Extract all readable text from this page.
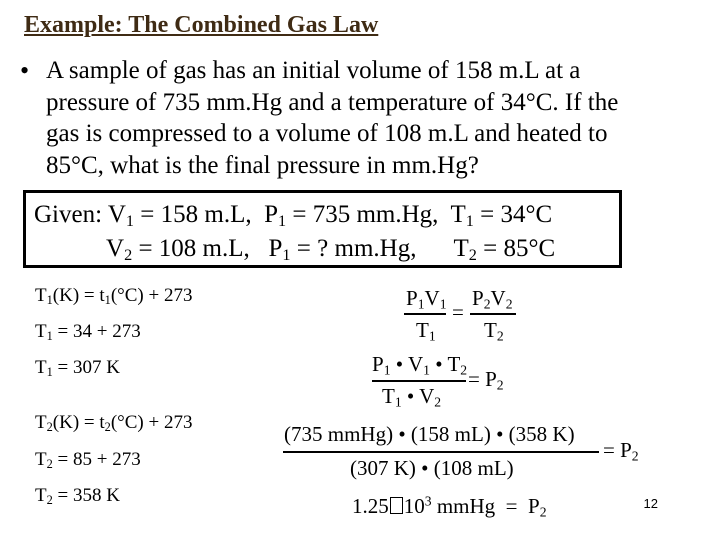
Example: The Combined Gas Law
• A sample of gas has an initial volume of 158 m.L at a
pressure of 735 mm.Hg and a temperature of 34°C. If the
gas is compressed to a volume of 108 m.L and heated to
85°C, what is the final pressure in mm.Hg?
Given: $V_1 = 158$ m.L,  $P_1 = 735$ mm.Hg,  $T_1 = 34^\circ C$
$V_2 = 108$ m.L,   $P_1$ = ? mm.Hg,      $T_2 = 85^\circ C$
$T_1(K) = t_1(^\circ C) + 273$
$T_1 = 34 + 273$
$T_1 = 307$ K
$T_2(K) = t_2(^\circ C) + 273$
$T_2 = 85 + 273$
$T_2 = 358$ K
$P_1V_1$
$T_1$
=
$P_2V_2$
$T_2$
$P_1$ • $V_1$ • $T_2$
$T_1$ • $V_2$
= $P_2$
(735 mmHg) • (158 mL) • (358 K)
(307 K) • (108 mL)
= $P_2$
1.25 $10^3$ mmHg  =  $P_2$
12
